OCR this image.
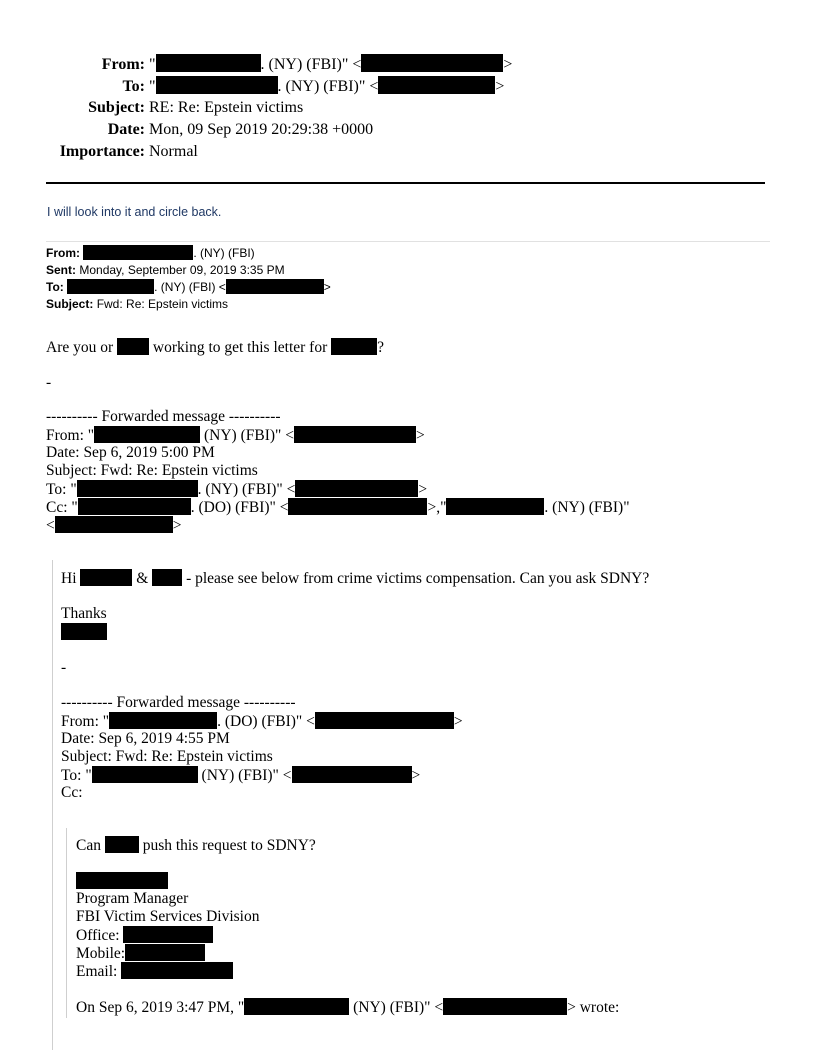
From: "	. (NY) (FBI)" <	>
To: "	. (NY) (FBI)" <	>
Subject: RE: Re: Epstein victims
Date: Mon, 09 Sep 2019 20:29:38 +0000
Importance: Normal
I will look into it and circle back.
From:	. (NY) (FBI)
Sent: Monday, September 09, 2019 3:35 PM
To:	. (NY) (FBI) <	>
Subject: Fwd: Re: Epstein victims
Are you or	working to get this letter for	?
-
---------- Forwarded message ----------
From: "	(NY) (FBI)" <	>
Date: Sep 6, 2019 5:00 PM
Subject: Fwd: Re: Epstein victims
To: "	. (NY) (FBI)" <	>
Cc: "	. (DO) (FBI)" <	>,"	. (NY) (FBI)"
<	>
Hi	& - please see below from crime victims compensation. Can you ask SDNY?
Thanks
-
---------- Forwarded message ----------
From: "	. (DO) (FBI)" <	>
Date: Sep 6, 2019 4:55 PM
Subject: Fwd: Re: Epstein victims
To: "	(NY) (FBI)" <	>
Cc:
Can	push this request to SDNY?
Program Manager
FBI Victim Services Division
Office:
Mobile:
Email:
On Sep 6, 2019 3:47 PM, "	(NY) (FBI)" <	> wrote:
